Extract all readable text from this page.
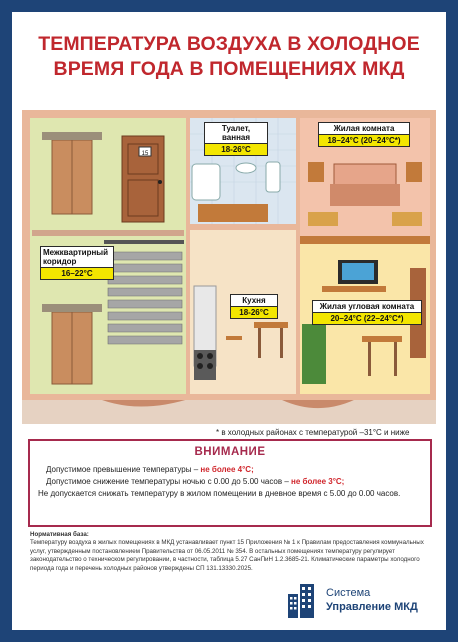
ТЕМПЕРАТУРА ВОЗДУХА В ХОЛОДНОЕ
ВРЕМЯ ГОДА В ПОМЕЩЕНИЯХ МКД
15
Межквартирный
коридор
16–22°С
Туалет, ванная
18-26°С
Жилая комната
18–24°С (20–24°С*)
Кухня
18-26°С
Жилая угловая комната
20–24°С (22–24°С*)
* в холодных районах с температурой –31°С и ниже
ВНИМАНИЕ
Допустимое превышение температуры – не более 4°С;
Допустимое снижение температуры ночью с 0.00 до 5.00 часов – не более 3°С;
Не допускается снижать температуру в жилом помещении в дневное время с 5.00 до 0.00 часов.
Нормативная база:
Температуру воздуха в жилых помещениях в МКД устанавливает пункт 15 Приложения № 1 к Правилам предоставления коммунальных услуг, утвержденным постановлением Правительства от 06.05.2011 № 354. В остальных помещениях температуру регулирует законодательство о техническом регулировании, в частности, таблица 5.27 СанПиН 1.2.3685-21. Климатические параметры холодного периода года и перечень холодных районов утверждены СП 131.13330.2025.
Система
Управление МКД
